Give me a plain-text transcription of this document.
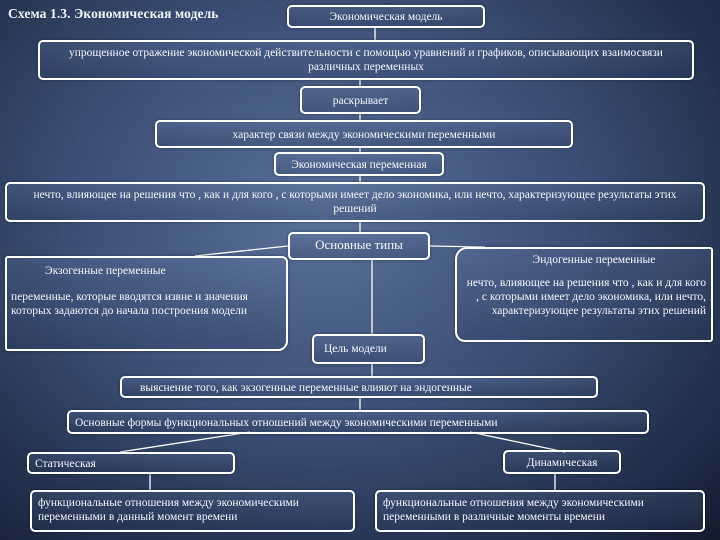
Схема 1.3. Экономическая модель	Экономическая модель
упрощенное отражение экономической действительности с помощью уравнений и графиков, описывающих взаимосвязи различных переменных
раскрывает
характер связи между экономическими переменными
Экономическая переменная
нечто, влияющее на решения что , как и для кого , с которыми имеет дело экономика, или нечто, характеризующее результаты этих решений
Основные типы
Экзогенные переменные
переменные, которые вводятся извне и значения которых задаются до начала построения модели
Эндогенные переменные
нечто, влияющее на решения что , как и для кого , с которыми имеет дело экономика, или нечто, характеризующее результаты этих решений
Цель модели
выяснение того, как экзогенные переменные влияют на эндогенные
Основные формы функциональных отношений между экономическими переменными
Статическая	Динамическая
функциональные отношения между экономическими переменными в данный момент времени
функциональные отношения между экономическими переменными в различные моменты времени
